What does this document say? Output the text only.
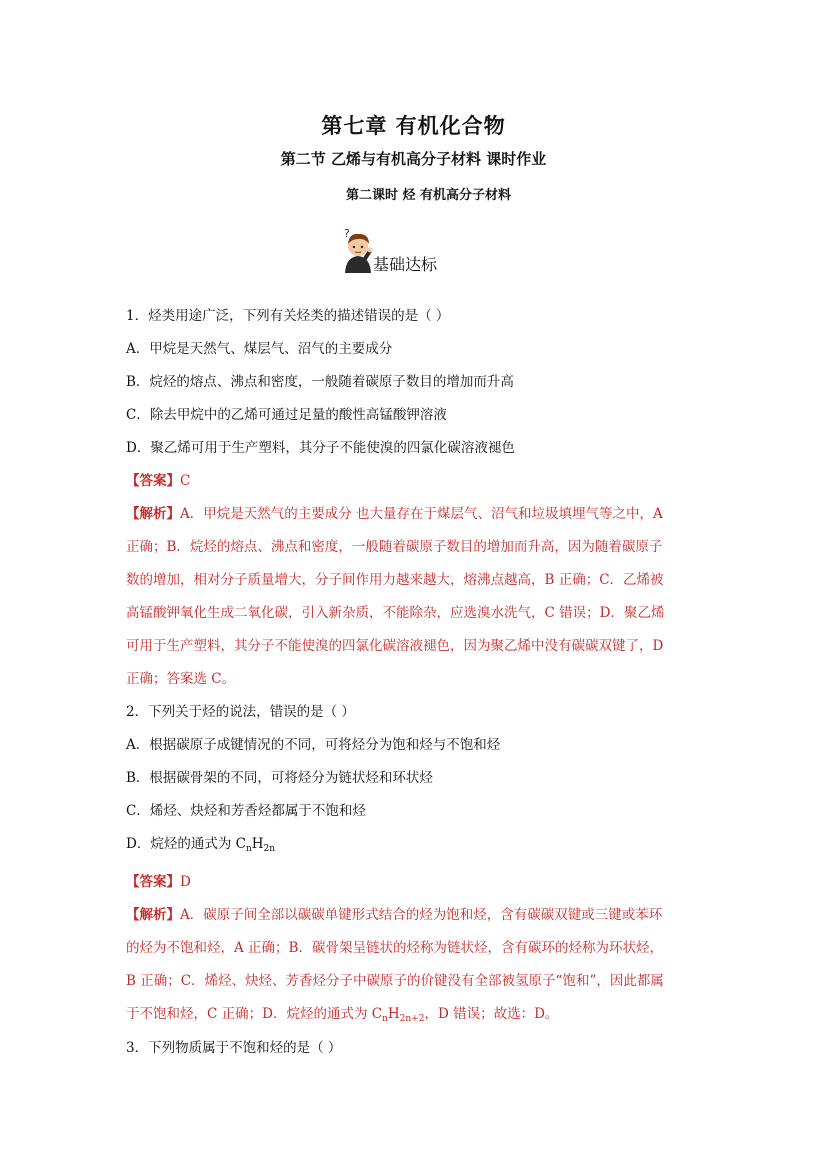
第七章 有机化合物
第二节 乙烯与有机高分子材料 课时作业
第二课时 烃 有机高分子材料
?
基础达标

1．烃类用途广泛，下列有关烃类的描述错误的是（ ）

A．甲烷是天然气、煤层气、沼气的主要成分

B．烷烃的熔点、沸点和密度，一般随着碳原子数目的增加而升高

C．除去甲烷中的乙烯可通过足量的酸性高锰酸钾溶液

D．聚乙烯可用于生产塑料，其分子不能使溴的四氯化碳溶液褪色

【答案】C

【解析】A．甲烷是天然气的主要成分 也大量存在于煤层气、沼气和垃圾填埋气等之中，A

正确；B．烷烃的熔点、沸点和密度，一般随着碳原子数目的增加而升高，因为随着碳原子

数的增加，相对分子质量增大，分子间作用力越来越大，熔沸点越高，B 正确；C．乙烯被

高锰酸钾氧化生成二氧化碳，引入新杂质，不能除杂，应选溴水洗气，C 错误；D．聚乙烯

可用于生产塑料，其分子不能使溴的四氯化碳溶液褪色，因为聚乙烯中没有碳碳双键了，D

正确；答案选 C。

2．下列关于烃的说法，错误的是（ ）

A．根据碳原子成键情况的不同，可将烃分为饱和烃与不饱和烃

B．根据碳骨架的不同，可将烃分为链状烃和环状烃

C．烯烃、炔烃和芳香烃都属于不饱和烃

D．烷烃的通式为 $C_nH_{2n}$

【答案】D

【解析】A．碳原子间全部以碳碳单键形式结合的烃为饱和烃，含有碳碳双键或三键或苯环

的烃为不饱和烃，A 正确；B．碳骨架呈链状的烃称为链状烃，含有碳环的烃称为环状烃，

B 正确；C．烯烃、炔烃、芳香烃分子中碳原子的价键没有全部被氢原子“饱和”，因此都属

于不饱和烃，C 正确；D．烷烃的通式为 $C_nH_{2n+2}$，D 错误；故选：D。

3．下列物质属于不饱和烃的是（ ）
